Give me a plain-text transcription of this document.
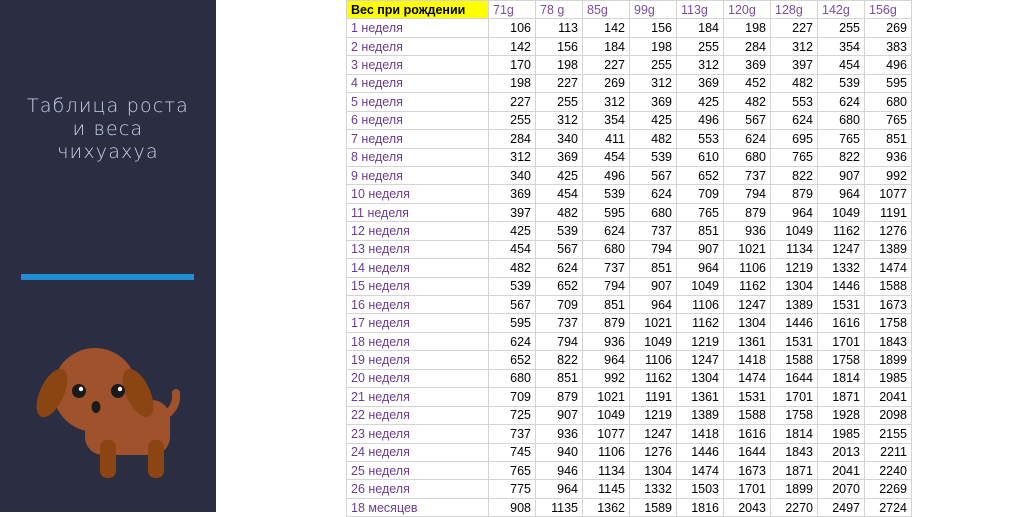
Таблица роста
и веса
чихуахуа
Вес при рождении	71g	78 g	85g	99g	113g	120g	128g	142g	156g
1 неделя	106	113	142	156	184	198	227	255	269
2 неделя	142	156	184	198	255	284	312	354	383
3 неделя	170	198	227	255	312	369	397	454	496
4 неделя	198	227	269	312	369	452	482	539	595
5 неделя	227	255	312	369	425	482	553	624	680
6 неделя	255	312	354	425	496	567	624	680	765
7 неделя	284	340	411	482	553	624	695	765	851
8 неделя	312	369	454	539	610	680	765	822	936
9 неделя	340	425	496	567	652	737	822	907	992
10 неделя	369	454	539	624	709	794	879	964	1077
11 неделя	397	482	595	680	765	879	964	1049	1191
12 неделя	425	539	624	737	851	936	1049	1162	1276
13 неделя	454	567	680	794	907	1021	1134	1247	1389
14 неделя	482	624	737	851	964	1106	1219	1332	1474
15 неделя	539	652	794	907	1049	1162	1304	1446	1588
16 неделя	567	709	851	964	1106	1247	1389	1531	1673
17 неделя	595	737	879	1021	1162	1304	1446	1616	1758
18 неделя	624	794	936	1049	1219	1361	1531	1701	1843
19 неделя	652	822	964	1106	1247	1418	1588	1758	1899
20 неделя	680	851	992	1162	1304	1474	1644	1814	1985
21 неделя	709	879	1021	1191	1361	1531	1701	1871	2041
22 неделя	725	907	1049	1219	1389	1588	1758	1928	2098
23 неделя	737	936	1077	1247	1418	1616	1814	1985	2155
24 неделя	745	940	1106	1276	1446	1644	1843	2013	2211
25 неделя	765	946	1134	1304	1474	1673	1871	2041	2240
26 неделя	775	964	1145	1332	1503	1701	1899	2070	2269
18 месяцев	908	1135	1362	1589	1816	2043	2270	2497	2724
